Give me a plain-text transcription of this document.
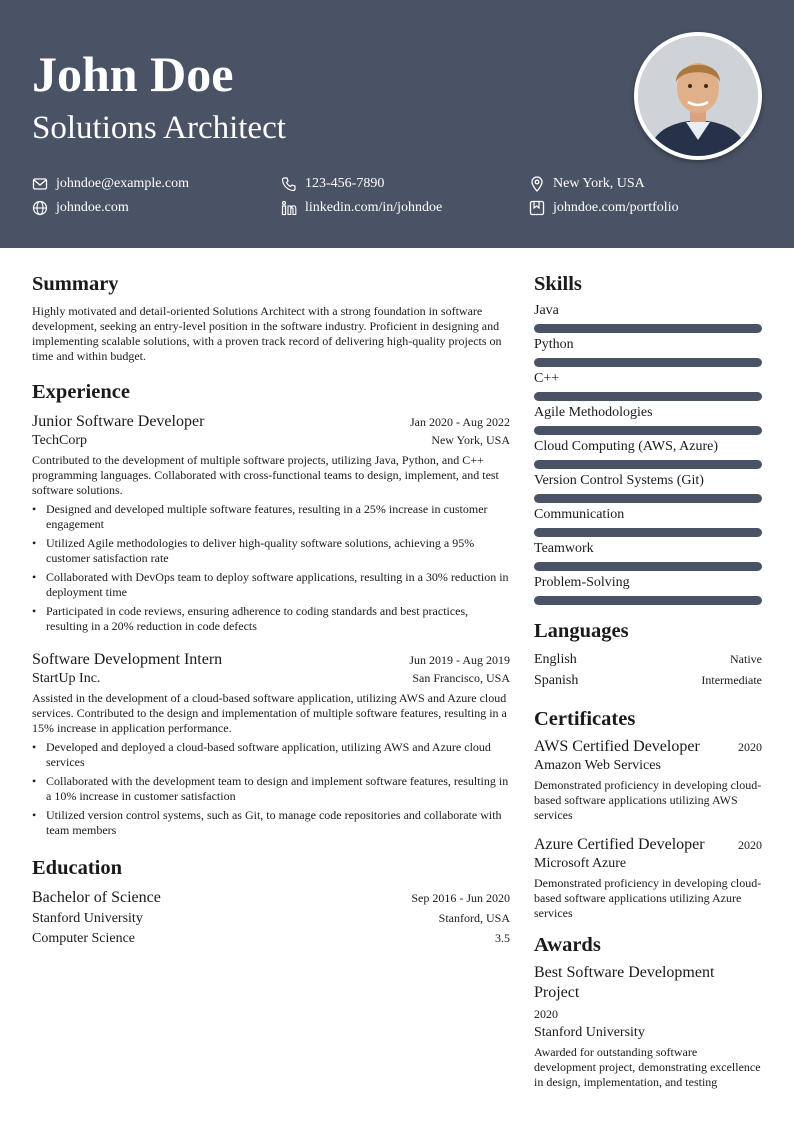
John Doe
Solutions Architect
johndoe@example.com	123-456-7890	New York, USA
johndoe.com	linkedin.com/in/johndoe	johndoe.com/portfolio
Summary

Highly motivated and detail-oriented Solutions Architect with a strong foundation in software development, seeking an entry-level position in the software industry. Proficient in designing and implementing scalable solutions, with a proven track record of delivering high-quality projects on time and within budget.

Experience
Junior Software Developer	Jan 2020 - Aug 2022
TechCorp	New York, USA

Contributed to the development of multiple software projects, utilizing Java, Python, and C++ programming languages. Collaborated with cross-functional teams to design, implement, and test software solutions.

• Designed and developed multiple software features, resulting in a 25% increase in customer engagement
• Utilized Agile methodologies to deliver high-quality software solutions, achieving a 95% customer satisfaction rate
• Collaborated with DevOps team to deploy software applications, resulting in a 30% reduction in deployment time
• Participated in code reviews, ensuring adherence to coding standards and best practices, resulting in a 20% reduction in code defects
Software Development Intern	Jun 2019 - Aug 2019
StartUp Inc.	San Francisco, USA

Assisted in the development of a cloud-based software application, utilizing AWS and Azure cloud services. Contributed to the design and implementation of multiple software features, resulting in a 15% increase in application performance.

• Developed and deployed a cloud-based software application, utilizing AWS and Azure cloud services
• Collaborated with the development team to design and implement software features, resulting in a 10% increase in customer satisfaction
• Utilized version control systems, such as Git, to manage code repositories and collaborate with team members
Education
Bachelor of Science	Sep 2016 - Jun 2020
Stanford University	Stanford, USA
Computer Science	3.5
Skills
Java
Python
C++
Agile Methodologies
Cloud Computing (AWS, Azure)
Version Control Systems (Git)
Communication
Teamwork
Problem-Solving
Languages
English	Native
Spanish	Intermediate
Certificates
AWS Certified Developer	2020
Amazon Web Services

Demonstrated proficiency in developing cloud-based software applications utilizing AWS services

Azure Certified Developer	2020
Microsoft Azure

Demonstrated proficiency in developing cloud-based software applications utilizing Azure services

Awards
Best Software Development Project
2020
Stanford University

Awarded for outstanding software development project, demonstrating excellence in design, implementation, and testing
